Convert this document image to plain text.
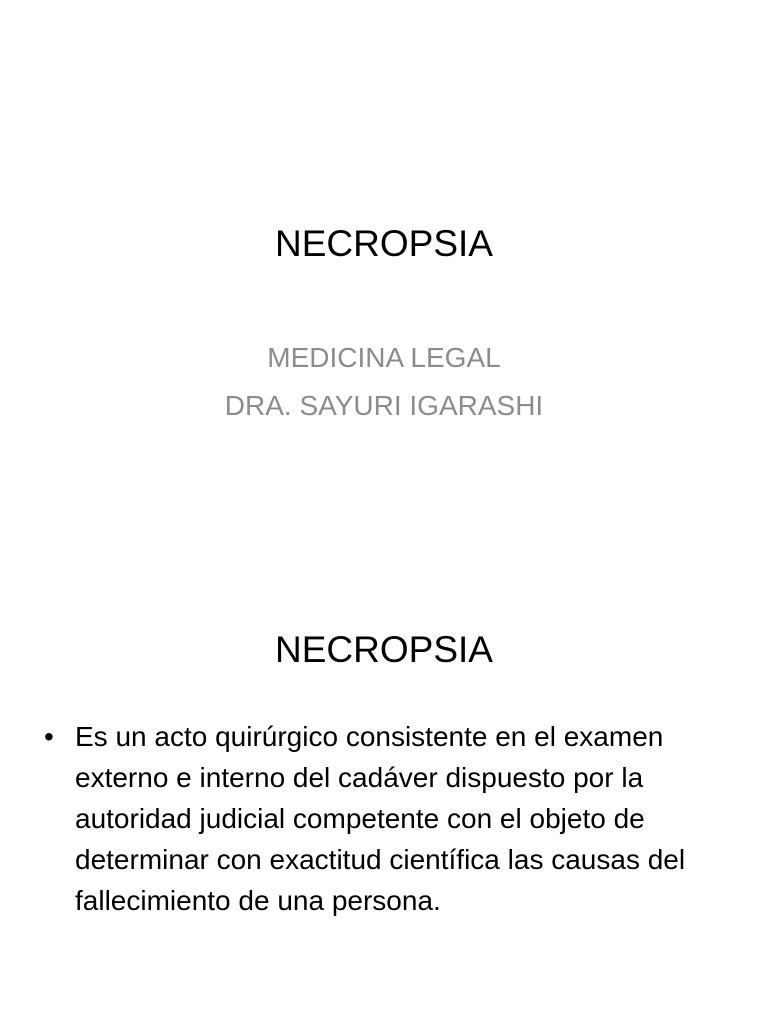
NECROPSIA
MEDICINA LEGAL
DRA. SAYURI IGARASHI
NECROPSIA
• Es un acto quirúrgico consistente en el examen externo e interno del cadáver dispuesto por la autoridad judicial competente con el objeto de determinar con exactitud científica las causas del fallecimiento de una persona.
